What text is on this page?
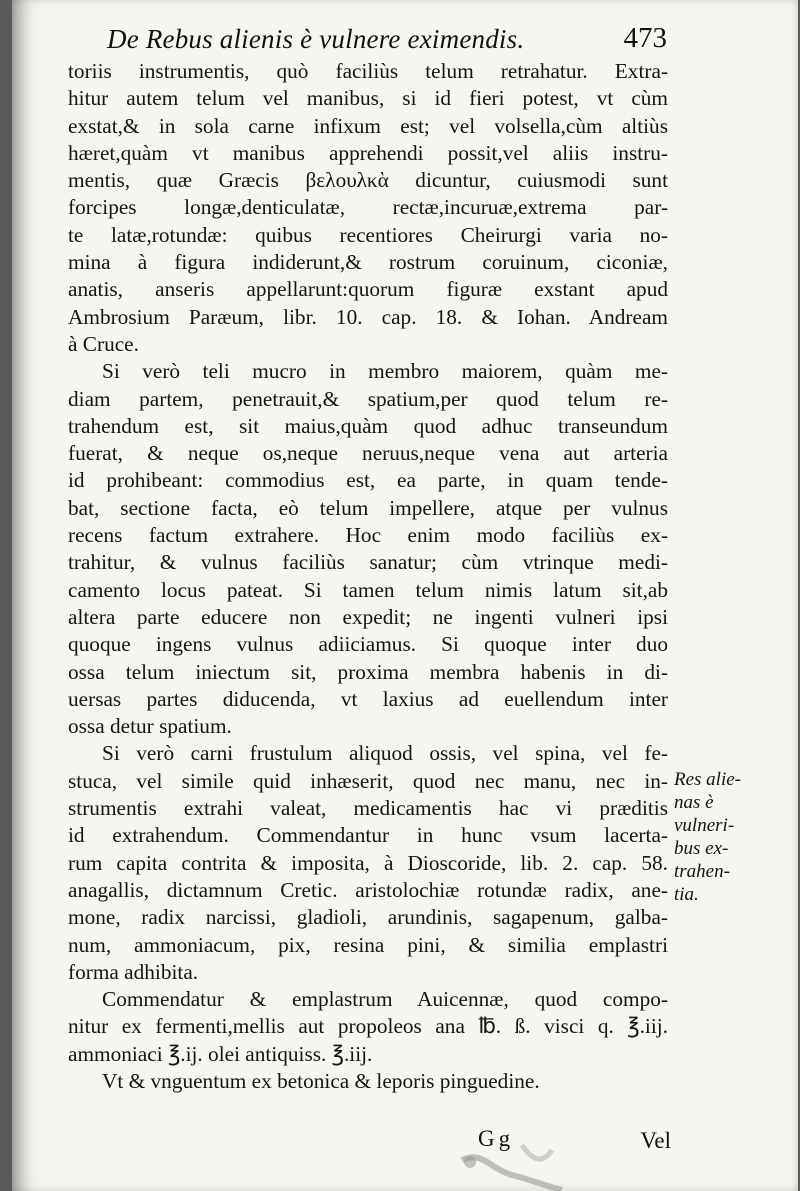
De Rebus alienis è vulnere eximendis.	473
toriis instrumentis, quò faciliùs telum retrahatur. Extra-
hitur autem telum vel manibus, si id fieri potest, vt cùm
exstat,& in sola carne infixum est; vel volsella,cùm altiùs
hæret,quàm vt manibus apprehendi possit,vel aliis instru-
mentis, quæ Græcis βελουλκὰ dicuntur, cuiusmodi sunt
forcipes longæ,denticulatæ, rectæ,incuruæ,extrema par-
te latæ,rotundæ: quibus recentiores Cheirurgi varia no-
mina à figura indiderunt,& rostrum coruinum, ciconiæ,
anatis, anseris appellarunt:quorum figuræ exstant apud
Ambrosium Paræum, libr. 10. cap. 18. & Iohan. Andream
à Cruce.
Si verò teli mucro in membro maiorem, quàm me-
diam partem, penetrauit,& spatium,per quod telum re-
trahendum est, sit maius,quàm quod adhuc transeundum
fuerat, & neque os,neque neruus,neque vena aut arteria
id prohibeant: commodius est, ea parte, in quam tende-
bat, sectione facta, eò telum impellere, atque per vulnus
recens factum extrahere. Hoc enim modo faciliùs ex-
trahitur, & vulnus faciliùs sanatur; cùm vtrinque medi-
camento locus pateat. Si tamen telum nimis latum sit,ab
altera parte educere non expedit; ne ingenti vulneri ipsi
quoque ingens vulnus adiiciamus. Si quoque inter duo
ossa telum iniectum sit, proxima membra habenis in di-
uersas partes diducenda, vt laxius ad euellendum inter
ossa detur spatium.
Si verò carni frustulum aliquod ossis, vel spina, vel fe-
stuca, vel simile quid inhæserit, quod nec manu, nec in-
strumentis extrahi valeat, medicamentis hac vi præditis
id extrahendum. Commendantur in hunc vsum lacerta-
rum capita contrita & imposita, à Dioscoride, lib. 2. cap. 58.
anagallis, dictamnum Cretic. aristolochiæ rotundæ radix, ane-
mone, radix narcissi, gladioli, arundinis, sagapenum, galba-
num, ammoniacum, pix, resina pini, & similia emplastri
forma adhibita.
Commendatur & emplastrum Auicennæ, quod compo-
nitur ex fermenti,mellis aut propoleos ana ℔. ß. visci q. ℥.iij.
ammoniaci ℥.ij. olei antiquiss. ℥.iij.
Vt & vnguentum ex betonica & leporis pinguedine.
Res alie-
nas è
vulneri-
bus ex-
trahen-
tia.
Gg	Vel
